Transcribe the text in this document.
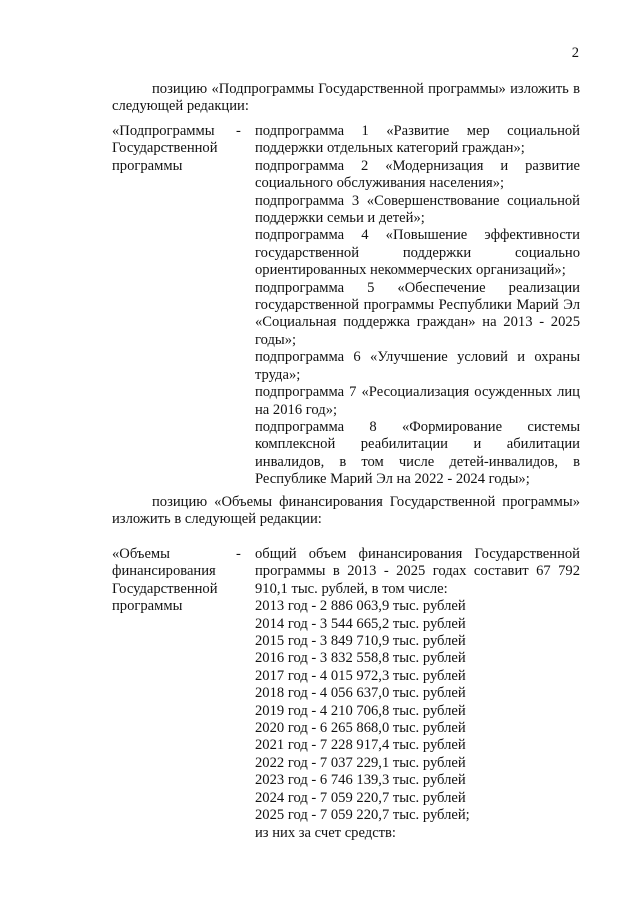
2
позицию «Подпрограммы Государственной программы» изложить в следующей редакции:
«Подпрограммы Государственной программы
- подпрограмма 1 «Развитие мер социальной поддержки отдельных категорий граждан»;
подпрограмма 2 «Модернизация и развитие социального обслуживания населения»;
подпрограмма 3 «Совершенствование социальной поддержки семьи и детей»;
подпрограмма 4 «Повышение эффективности государственной поддержки социально ориентированных некоммерческих организаций»;
подпрограмма 5 «Обеспечение реализации государственной программы Республики Марий Эл «Социальная поддержка граждан» на 2013 - 2025 годы»;
подпрограмма 6 «Улучшение условий и охраны труда»;
подпрограмма 7 «Ресоциализация осужденных лиц на 2016 год»;
подпрограмма 8 «Формирование системы комплексной реабилитации и абилитации инвалидов, в том числе детей-инвалидов, в Республике Марий Эл на 2022 - 2024 годы»;
позицию «Объемы финансирования Государственной программы» изложить в следующей редакции:
«Объемы финансирования Государственной программы
- общий объем финансирования Государственной программы в 2013 - 2025 годах составит 67 792 910,1 тыс. рублей, в том числе:
2013 год - 2 886 063,9 тыс. рублей
2014 год - 3 544 665,2 тыс. рублей
2015 год - 3 849 710,9 тыс. рублей
2016 год - 3 832 558,8 тыс. рублей
2017 год - 4 015 972,3 тыс. рублей
2018 год - 4 056 637,0 тыс. рублей
2019 год - 4 210 706,8 тыс. рублей
2020 год - 6 265 868,0 тыс. рублей
2021 год - 7 228 917,4 тыс. рублей
2022 год - 7 037 229,1 тыс. рублей
2023 год - 6 746 139,3 тыс. рублей
2024 год - 7 059 220,7 тыс. рублей
2025 год - 7 059 220,7 тыс. рублей;
из них за счет средств:
